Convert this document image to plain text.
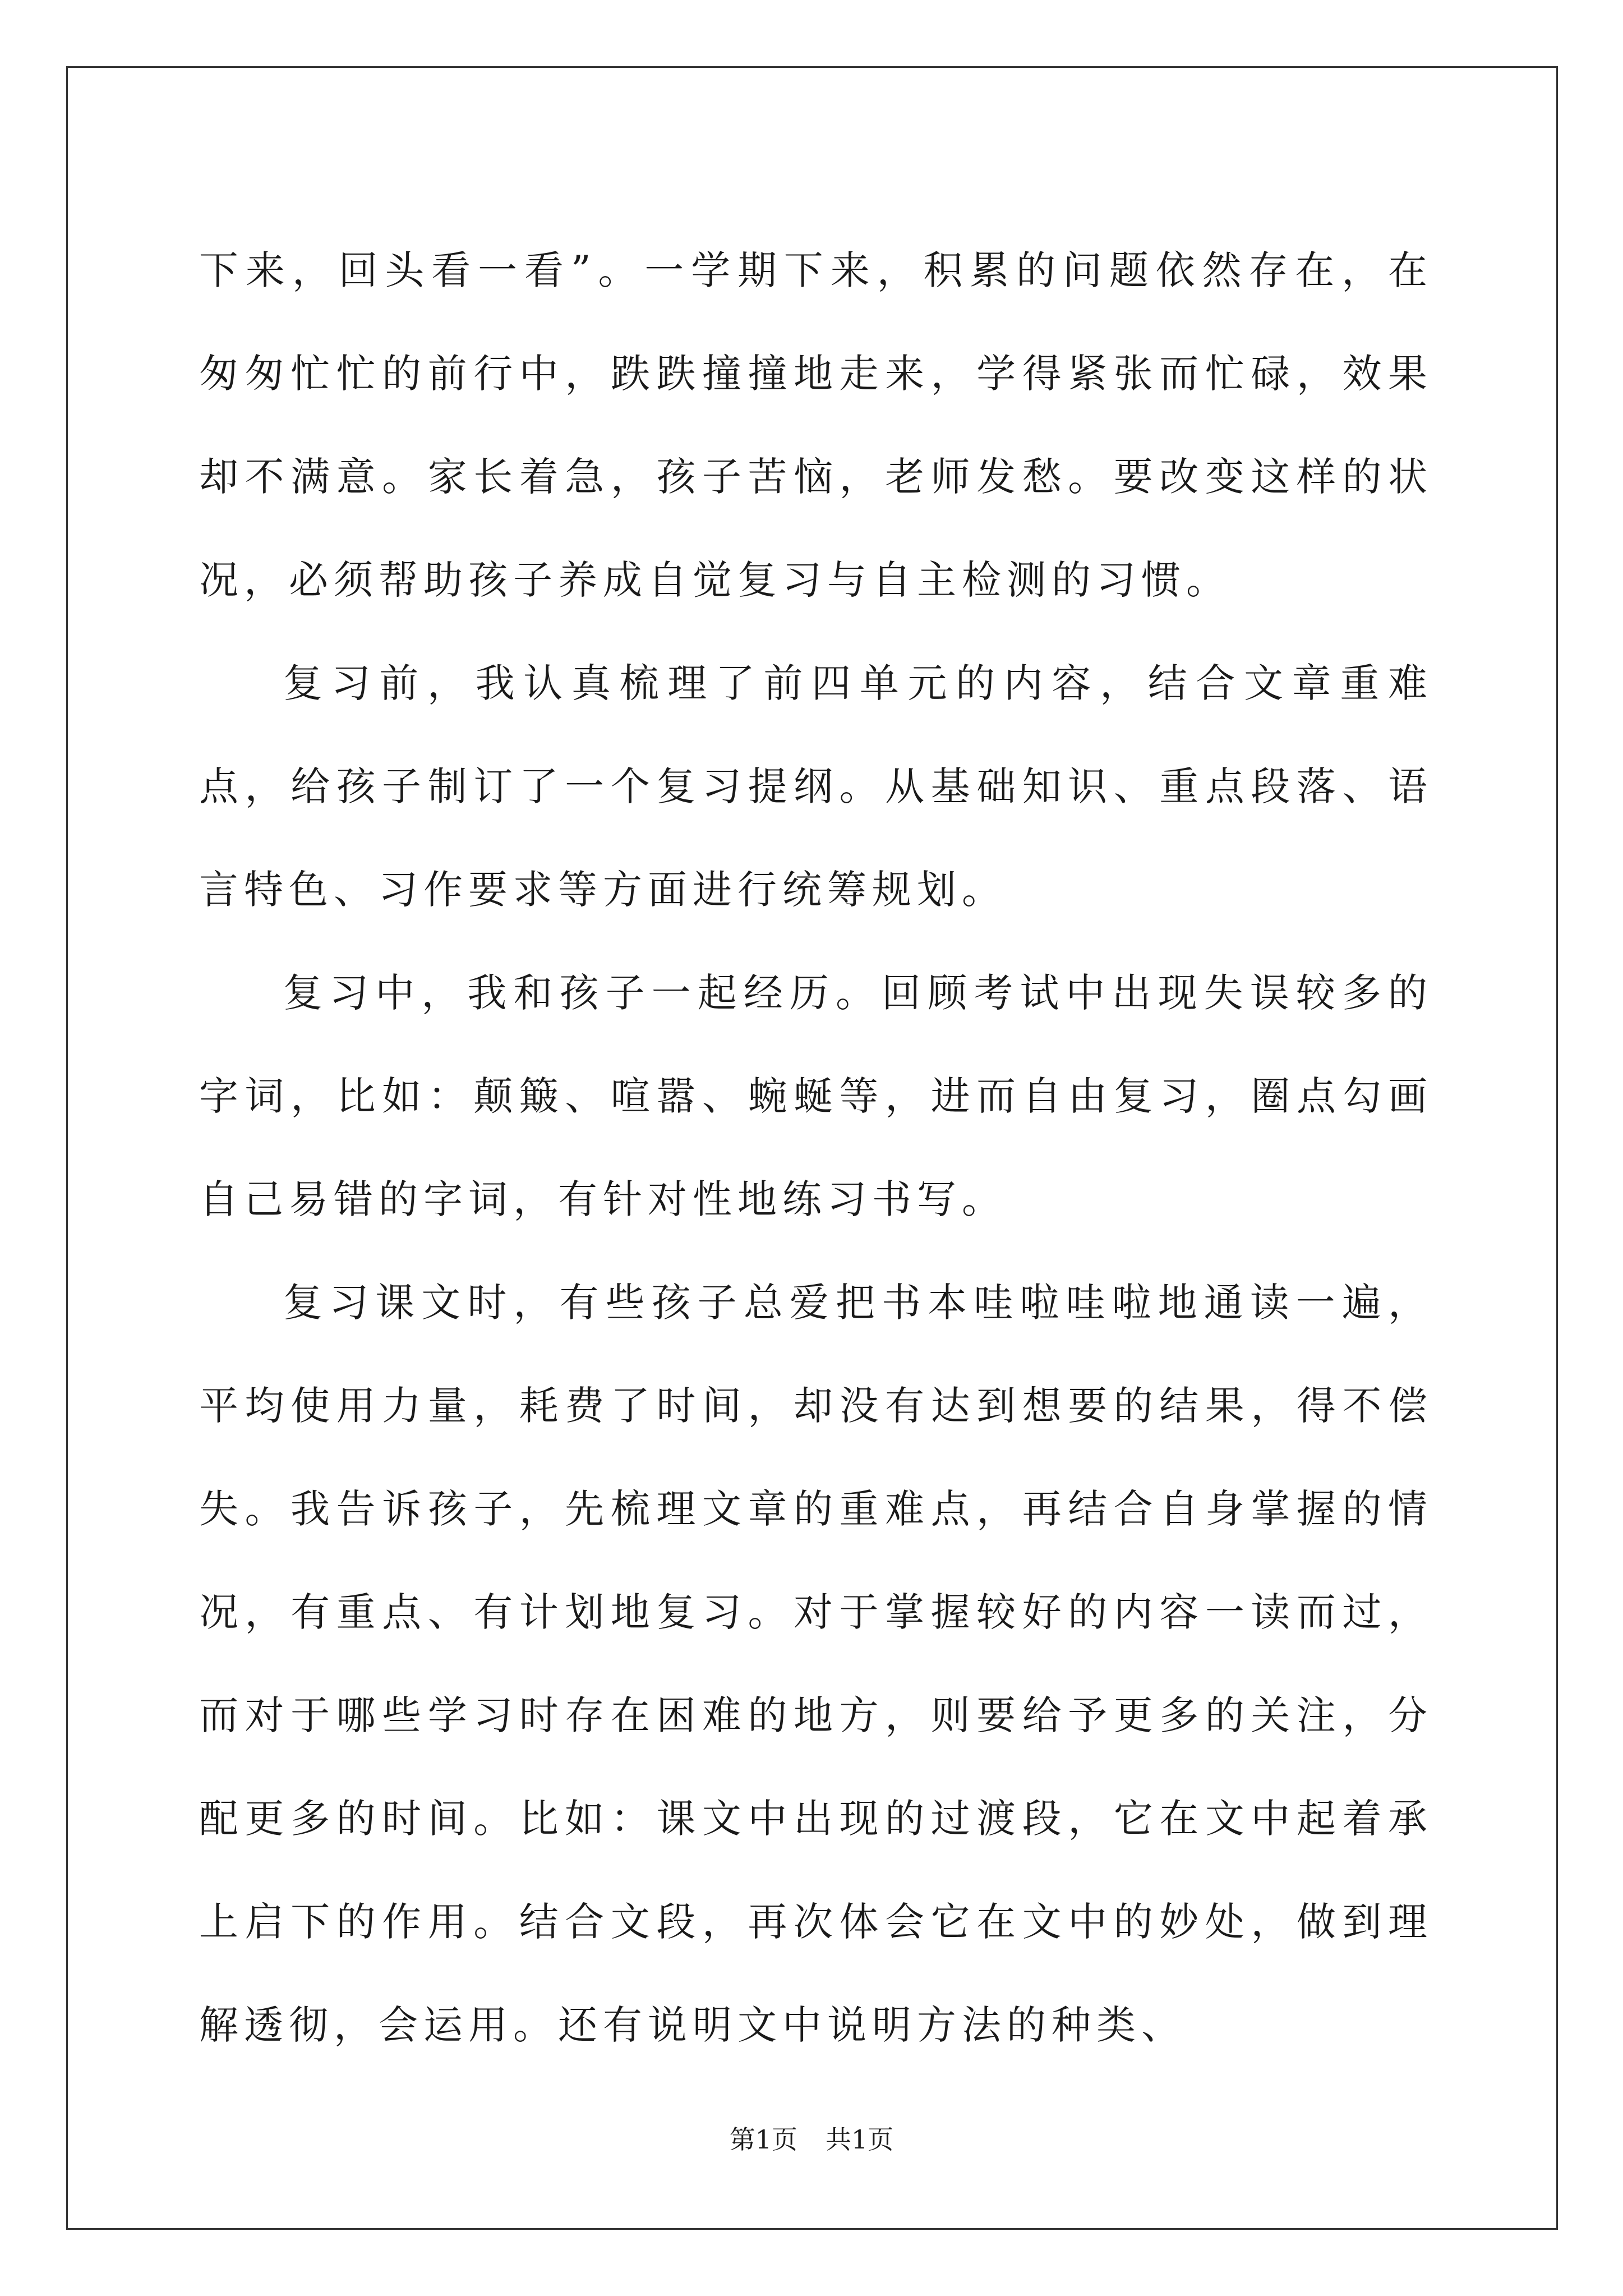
下来，回头看一看”。一学期下来，积累的问题依然存在，在匆匆忙忙的前行中，跌跌撞撞地走来，学得紧张而忙碌，效果却不满意。家长着急，孩子苦恼，老师发愁。要改变这样的状况，必须帮助孩子养成自觉复习与自主检测的习惯。

复习前，我认真梳理了前四单元的内容，结合文章重难点，给孩子制订了一个复习提纲。从基础知识、重点段落、语言特色、习作要求等方面进行统筹规划。

复习中，我和孩子一起经历。回顾考试中出现失误较多的字词，比如：颠簸、喧嚣、蜿蜒等，进而自由复习，圈点勾画自己易错的字词，有针对性地练习书写。

复习课文时，有些孩子总爱把书本哇啦哇啦地通读一遍，平均使用力量，耗费了时间，却没有达到想要的结果，得不偿失。我告诉孩子，先梳理文章的重难点，再结合自身掌握的情况，有重点、有计划地复习。对于掌握较好的内容一读而过，而对于哪些学习时存在困难的地方，则要给予更多的关注，分配更多的时间。比如：课文中出现的过渡段，它在文中起着承上启下的作用。结合文段，再次体会它在文中的妙处，做到理解透彻，会运用。还有说明文中说明方法的种类、

第1页 共1页
